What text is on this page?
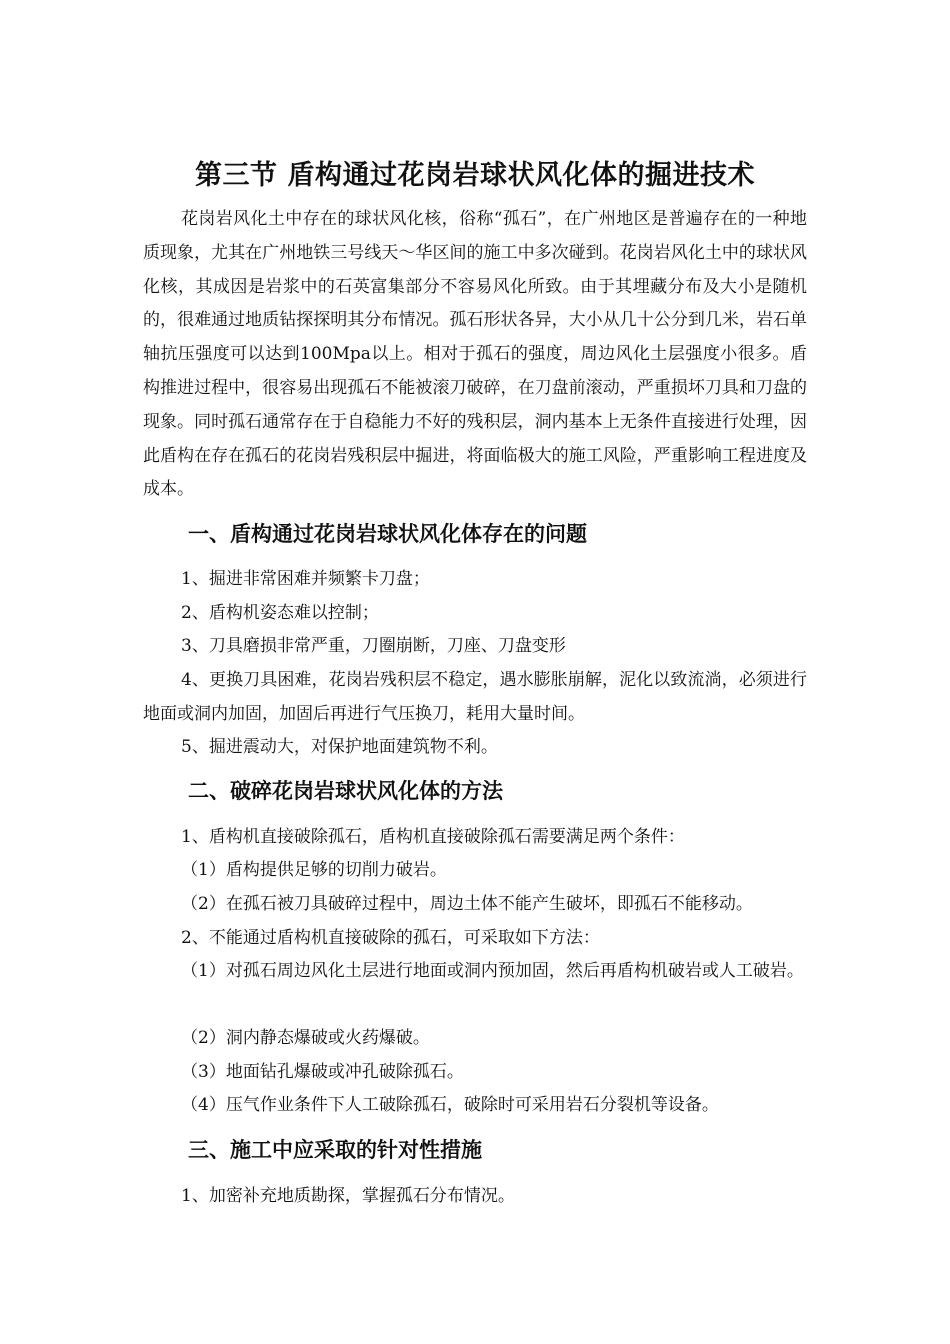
第三节 盾构通过花岗岩球状风化体的掘进技术

花岗岩风化土中存在的球状风化核，俗称“孤石”，在广州地区是普遍存在的一种地质现象，尤其在广州地铁三号线天～华区间的施工中多次碰到。花岗岩风化土中的球状风化核，其成因是岩浆中的石英富集部分不容易风化所致。由于其埋藏分布及大小是随机的，很难通过地质钻探探明其分布情况。孤石形状各异，大小从几十公分到几米，岩石单轴抗压强度可以达到100Mpa以上。相对于孤石的强度，周边风化土层强度小很多。盾构推进过程中，很容易出现孤石不能被滚刀破碎，在刀盘前滚动，严重损坏刀具和刀盘的现象。同时孤石通常存在于自稳能力不好的残积层，洞内基本上无条件直接进行处理，因此盾构在存在孤石的花岗岩残积层中掘进，将面临极大的施工风险，严重影响工程进度及成本。

一、盾构通过花岗岩球状风化体存在的问题

1、掘进非常困难并频繁卡刀盘；

2、盾构机姿态难以控制；

3、刀具磨损非常严重，刀圈崩断，刀座、刀盘变形

4、更换刀具困难，花岗岩残积层不稳定，遇水膨胀崩解，泥化以致流淌，必须进行地面或洞内加固，加固后再进行气压换刀，耗用大量时间。

5、掘进震动大，对保护地面建筑物不利。

二、破碎花岗岩球状风化体的方法

1、盾构机直接破除孤石，盾构机直接破除孤石需要满足两个条件：

（1）盾构提供足够的切削力破岩。

（2）在孤石被刀具破碎过程中，周边土体不能产生破坏，即孤石不能移动。

2、不能通过盾构机直接破除的孤石，可采取如下方法：

（1）对孤石周边风化土层进行地面或洞内预加固，然后再盾构机破岩或人工破岩。

（2）洞内静态爆破或火药爆破。

（3）地面钻孔爆破或冲孔破除孤石。

（4）压气作业条件下人工破除孤石，破除时可采用岩石分裂机等设备。

三、施工中应采取的针对性措施

1、加密补充地质勘探，掌握孤石分布情况。
